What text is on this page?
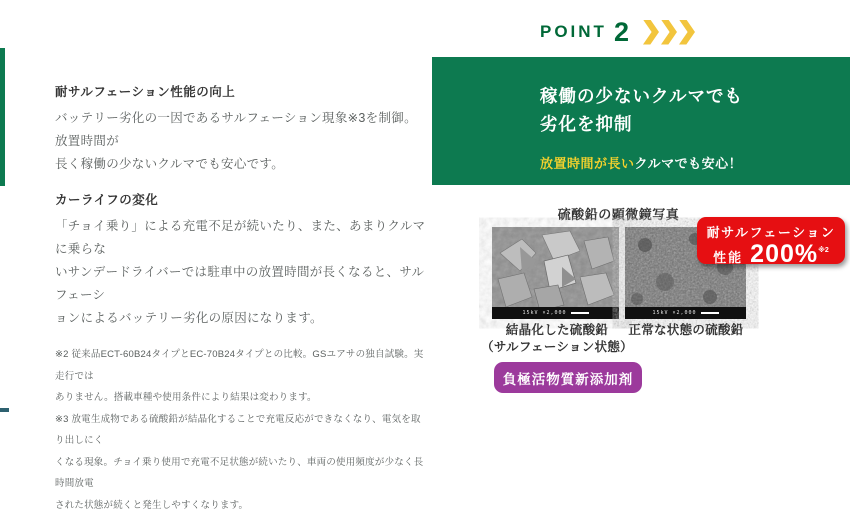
耐サルフェーション性能の向上
バッテリー劣化の一因であるサルフェーション現象※3を制御。放置時間が
長く稼働の少ないクルマでも安心です。
カーライフの変化
「チョイ乗り」による充電不足が続いたり、また、あまりクルマに乗らな
いサンデードライバーでは駐車中の放置時間が長くなると、サルフェーシ
ョンによるバッテリー劣化の原因になります。
※2 従来品ECT-60B24タイプとEC-70B24タイプとの比較。GSユアサの独自試験。実走行では
ありません。搭載車種や使用条件により結果は変わります。
※3 放電生成物である硫酸鉛が結晶化することで充電反応ができなくなり、電気を取り出しにく
くなる現象。チョイ乗り使用で充電不足状態が続いたり、車両の使用頻度が少なく長時間放電
された状態が続くと発生しやすくなります。
POINT 2
稼働の少ないクルマでも
劣化を抑制
放置時間が長いクルマでも安心！
硫酸鉛の顕微鏡写真
15kV ×2,000	15kV ×2,000
結晶化した硫酸鉛
（サルフェーション状態）
正常な状態の硫酸鉛
耐サルフェーション
性能 200% ※2
負極活物質新添加剤
